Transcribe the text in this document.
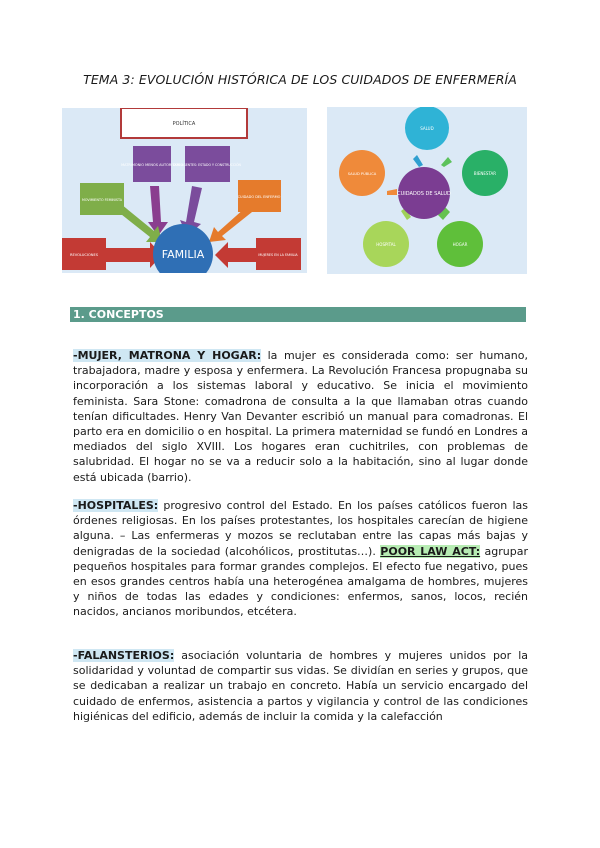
TEMA 3: EVOLUCIÓN HISTÓRICA DE LOS CUIDADOS DE ENFERMERÍA
POLÍTICA
MATRIMONIO MENOS AUTORITARIO
DOS AGENTES: ESTADO Y CONSTRUCCIÓN
MOVIMIENTO FEMINISTA
CUIDADO DEL ENFERMO
REVOLUCIONES	MUJERES EN LA FAMILIA
FAMILIA
SALUD
BIENESTAR
HOGAR
HOSPITAL
SALUD PÚBLICA
CUIDADOS DE SALUD
1. CONCEPTOS
-MUJER, MATRONA Y HOGAR: la mujer es considerada como: ser humano, trabajadora, madre y esposa y enfermera. La Revolución Francesa propugnaba su incorporación a los sistemas laboral y educativo. Se inicia el movimiento feminista. Sara Stone: comadrona de consulta a la que llamaban otras cuando tenían dificultades. Henry Van Devanter escribió un manual para comadronas. El parto era en domicilio o en hospital. La primera maternidad se fundó en Londres a mediados del siglo XVIII. Los hogares eran cuchitriles, con problemas de salubridad. El hogar no se va a reducir solo a la habitación, sino al lugar donde está ubicada (barrio).
-HOSPITALES: progresivo control del Estado. En los países católicos fueron las órdenes religiosas. En los países protestantes, los hospitales carecían de higiene alguna. – Las enfermeras y mozos se reclutaban entre las capas más bajas y denigradas de la sociedad (alcohólicos, prostitutas…). POOR LAW ACT: agrupar pequeños hospitales para formar grandes complejos. El efecto fue negativo, pues en esos grandes centros había una heterogénea amalgama de hombres, mujeres y niños de todas las edades y condiciones: enfermos, sanos, locos, recién nacidos, ancianos moribundos, etcétera.
-FALANSTERIOS: asociación voluntaria de hombres y mujeres unidos por la solidaridad y voluntad de compartir sus vidas. Se dividían en series y grupos, que se dedicaban a realizar un trabajo en concreto. Había un servicio encargado del cuidado de enfermos, asistencia a partos y vigilancia y control de las condiciones higiénicas del edificio, además de incluir la comida y la calefacción
